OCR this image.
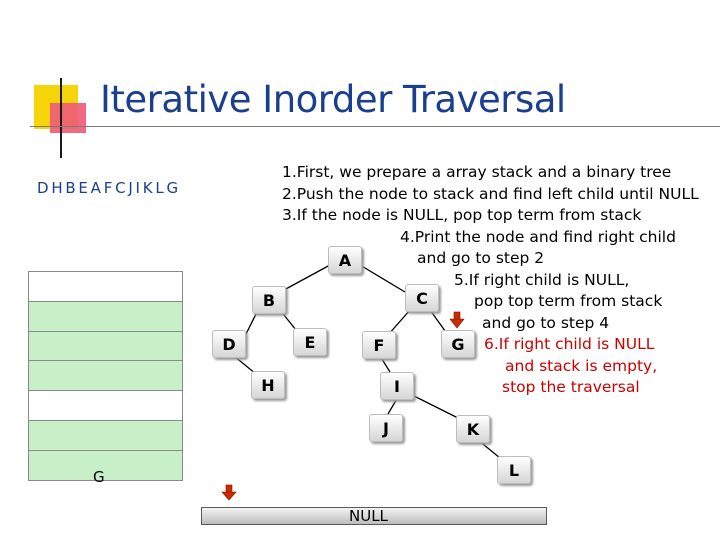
Iterative Inorder Traversal
D H B E A F C J I K L G
1.First, we prepare a array stack and a binary tree
2.Push the node to stack and find left child until NULL
3.If the node is NULL, pop top term from stack
4.Print the node and find right child
and go to step 2
5.If right child is NULL,
pop top term from stack
and go to step 4
6.If right child is NULL
and stack is empty,
stop the traversal
G
A
B	C
D	E	F	G
H	I
J	K
L
NULL
